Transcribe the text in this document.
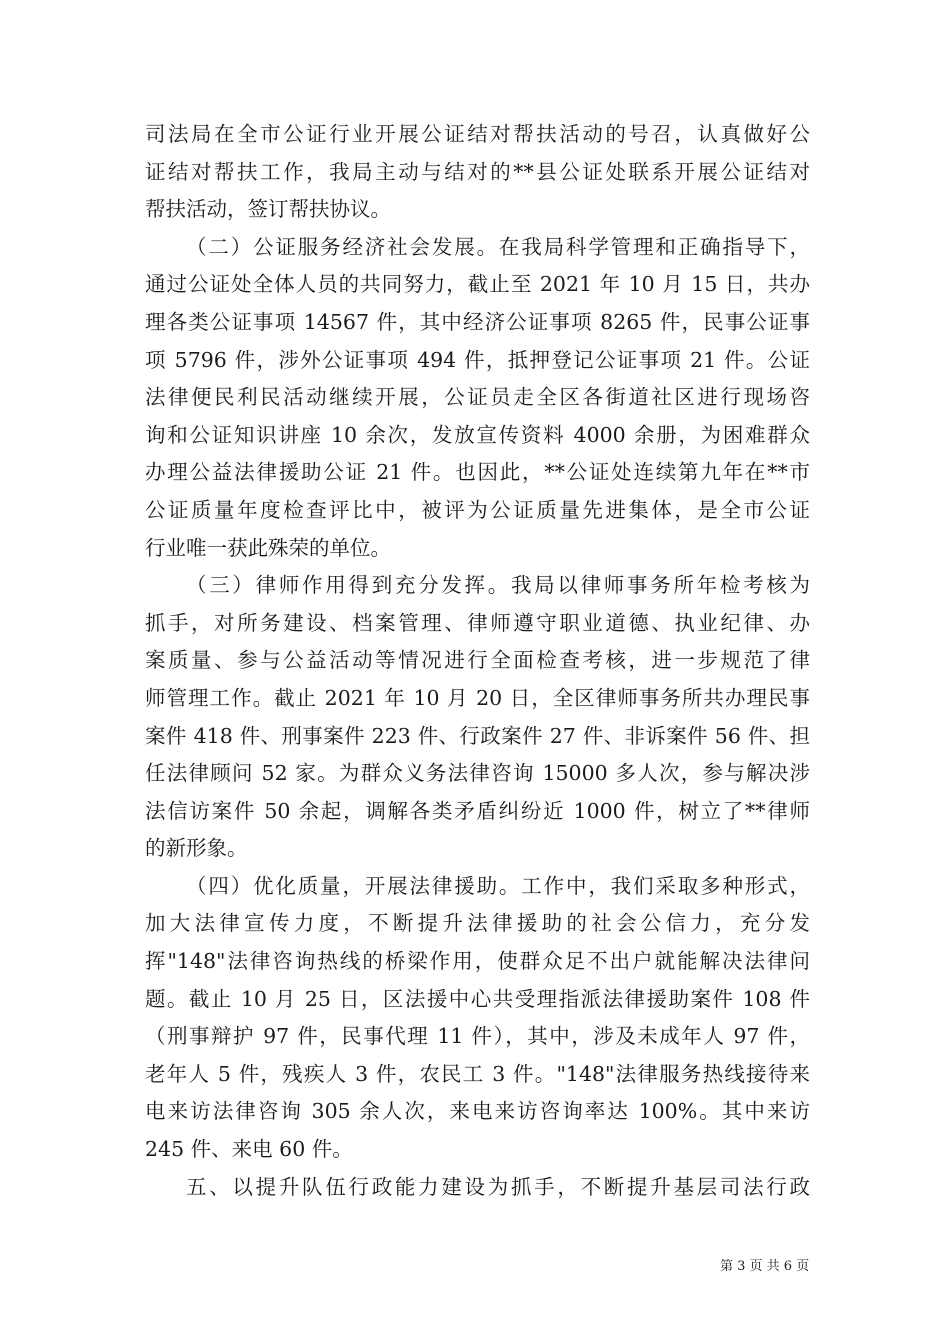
司法局在全市公证行业开展公证结对帮扶活动的号召，认真做好公
证结对帮扶工作，我局主动与结对的**县公证处联系开展公证结对
帮扶活动，签订帮扶协议。
（二）公证服务经济社会发展。在我局科学管理和正确指导下，
通过公证处全体人员的共同努力，截止至 2021 年 10 月 15 日，共办
理各类公证事项 14567 件，其中经济公证事项 8265 件，民事公证事
项 5796 件，涉外公证事项 494 件，抵押登记公证事项 21 件。公证
法律便民利民活动继续开展，公证员走全区各街道社区进行现场咨
询和公证知识讲座 10 余次，发放宣传资料 4000 余册，为困难群众
办理公益法律援助公证 21 件。也因此，**公证处连续第九年在**市
公证质量年度检查评比中，被评为公证质量先进集体，是全市公证
行业唯一获此殊荣的单位。
（三）律师作用得到充分发挥。我局以律师事务所年检考核为
抓手，对所务建设、档案管理、律师遵守职业道德、执业纪律、办
案质量、参与公益活动等情况进行全面检查考核，进一步规范了律
师管理工作。截止 2021 年 10 月 20 日，全区律师事务所共办理民事
案件 418 件、刑事案件 223 件、行政案件 27 件、非诉案件 56 件、担
任法律顾问 52 家。为群众义务法律咨询 15000 多人次，参与解决涉
法信访案件 50 余起，调解各类矛盾纠纷近 1000 件，树立了**律师
的新形象。
（四）优化质量，开展法律援助。工作中，我们采取多种形式，
加大法律宣传力度，不断提升法律援助的社会公信力，充分发
挥"148"法律咨询热线的桥梁作用，使群众足不出户就能解决法律问
题。截止 10 月 25 日，区法援中心共受理指派法律援助案件 108 件
（刑事辩护 97 件，民事代理 11 件），其中，涉及未成年人 97 件，
老年人 5 件，残疾人 3 件，农民工 3 件。"148"法律服务热线接待来
电来访法律咨询 305 余人次，来电来访咨询率达 100%。其中来访
245 件、来电 60 件。
五、以提升队伍行政能力建设为抓手，不断提升基层司法行政
第 3 页 共 6 页
